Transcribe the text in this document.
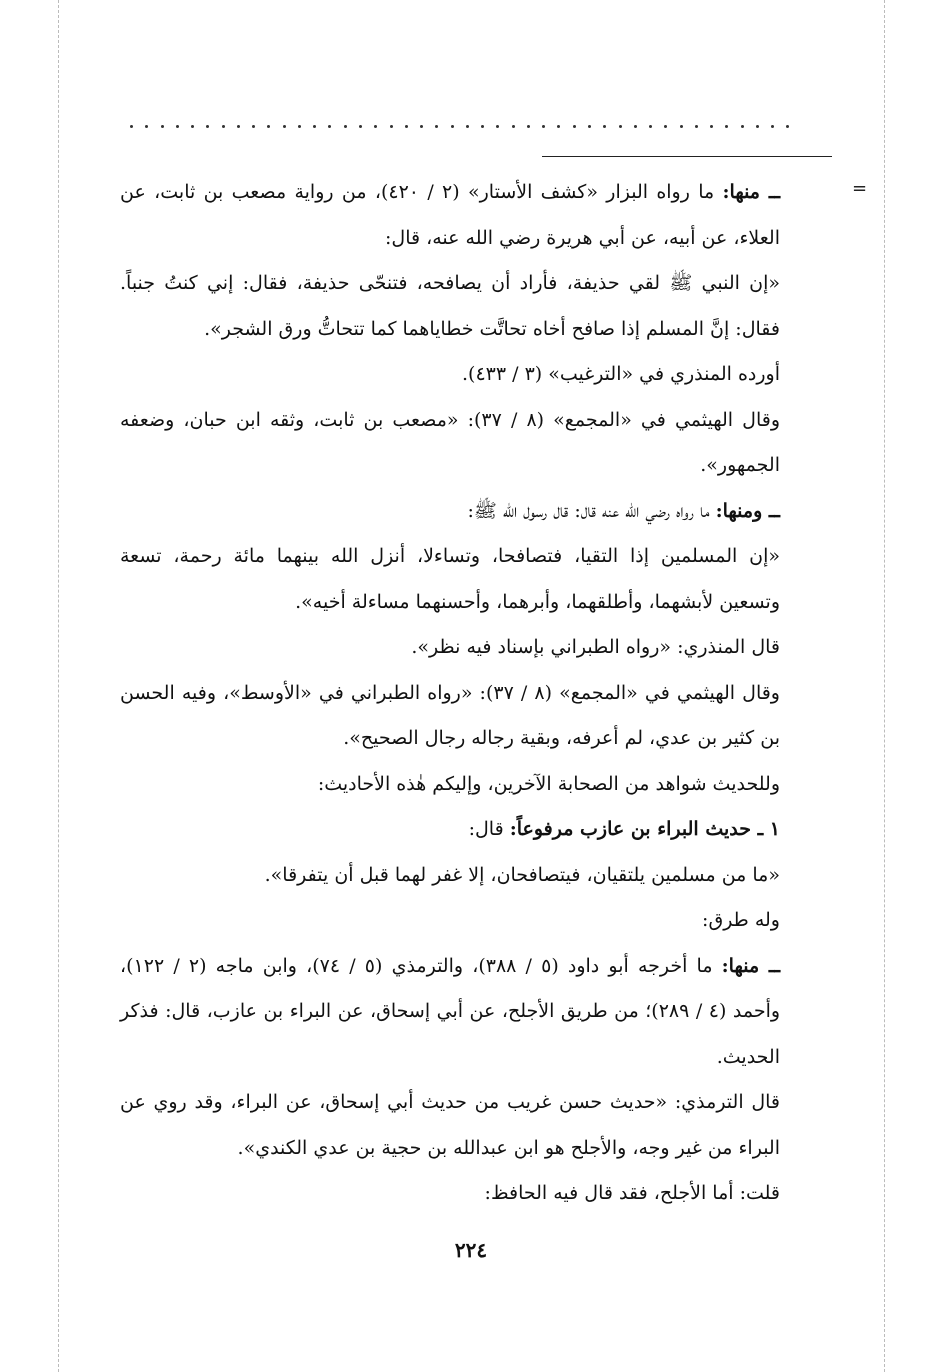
=

ــ منها: ما رواه البزار «كشف الأستار» (٢ / ٤٢٠)، من رواية مصعب بن ثابت، عن العلاء، عن أبيه، عن أبي هريرة رضي الله عنه، قال:

«إن النبي ﷺ لقي حذيفة، فأراد أن يصافحه، فتنحّى حذيفة، فقال: إني كنتُ جنباً. فقال: إنَّ المسلم إذا صافح أخاه تحاتَّت خطاياهما كما تتحاتُّ ورق الشجر».

أورده المنذري في «الترغيب» (٣ / ٤٣٣).

وقال الهيثمي في «المجمع» (٨ / ٣٧): «مصعب بن ثابت، وثقه ابن حبان، وضعفه الجمهور».

ــ ومنها: ما رواه رضي الله عنه قال: قال رسول الله ﷺ:

«إن المسلمين إذا التقيا، فتصافحا، وتساءلا، أنزل الله بينهما مائة رحمة، تسعة وتسعين لأبشهما، وأطلقهما، وأبرهما، وأحسنهما مساءلة أخيه».

قال المنذري: «رواه الطبراني بإسناد فيه نظر».

وقال الهيثمي في «المجمع» (٨ / ٣٧): «رواه الطبراني في «الأوسط»، وفيه الحسن بن كثير بن عدي، لم أعرفه، وبقية رجاله رجال الصحيح».

وللحديث شواهد من الصحابة الآخرين، وإليكم هٰذه الأحاديث:

١ ـ حديث البراء بن عازب مرفوعاً: قال:

«ما من مسلمين يلتقيان، فيتصافحان، إلا غفر لهما قبل أن يتفرقا».

وله طرق:

ــ منها: ما أخرجه أبو داود (٥ / ٣٨٨)، والترمذي (٥ / ٧٤)، وابن ماجه (٢ / ١٢٢)، وأحمد (٤ / ٢٨٩)؛ من طريق الأجلح، عن أبي إسحاق، عن البراء بن عازب، قال: فذكر الحديث.

قال الترمذي: «حديث حسن غريب من حديث أبي إسحاق، عن البراء، وقد روي عن البراء من غير وجه، والأجلح هو ابن عبدالله بن حجية بن عدي الكندي».

قلت: أما الأجلح، فقد قال فيه الحافظ:

٢٢٤
